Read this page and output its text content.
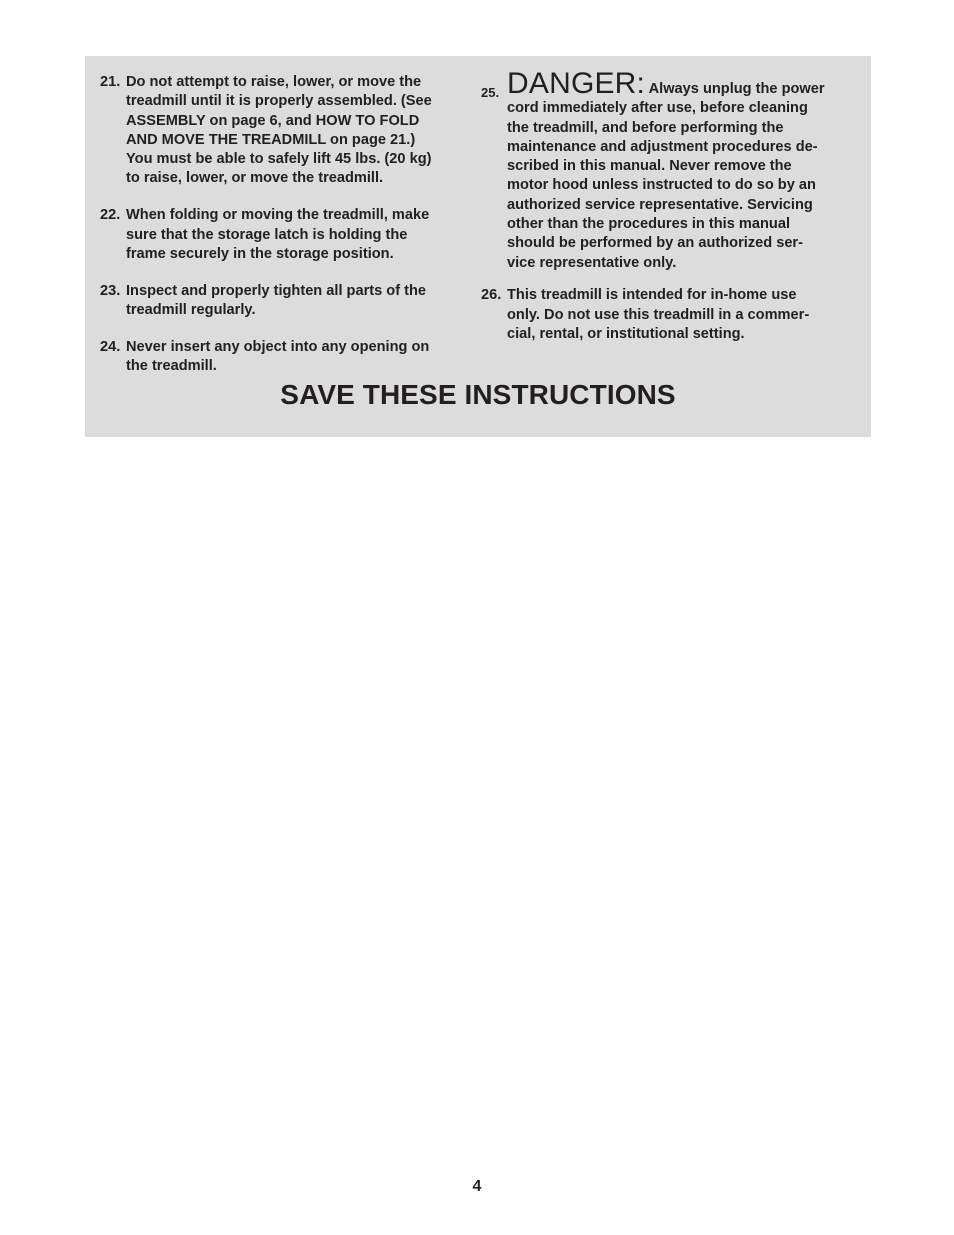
21. Do not attempt to raise, lower, or move the
treadmill until it is properly assembled. (See
ASSEMBLY on page 6, and HOW TO FOLD
AND MOVE THE TREADMILL on page 21.)
You must be able to safely lift 45 lbs. (20 kg)
to raise, lower, or move the treadmill.
22. When folding or moving the treadmill, make
sure that the storage latch is holding the
frame securely in the storage position.
23. Inspect and properly tighten all parts of the
treadmill regularly.
24. Never insert any object into any opening on
the treadmill.
25. DANGER: Always unplug the power
cord immediately after use, before cleaning
the treadmill, and before performing the
maintenance and adjustment procedures de-
scribed in this manual. Never remove the
motor hood unless instructed to do so by an
authorized service representative. Servicing
other than the procedures in this manual
should be performed by an authorized ser-
vice representative only.
26. This treadmill is intended for in-home use
only. Do not use this treadmill in a commer-
cial, rental, or institutional setting.
SAVE THESE INSTRUCTIONS
4
